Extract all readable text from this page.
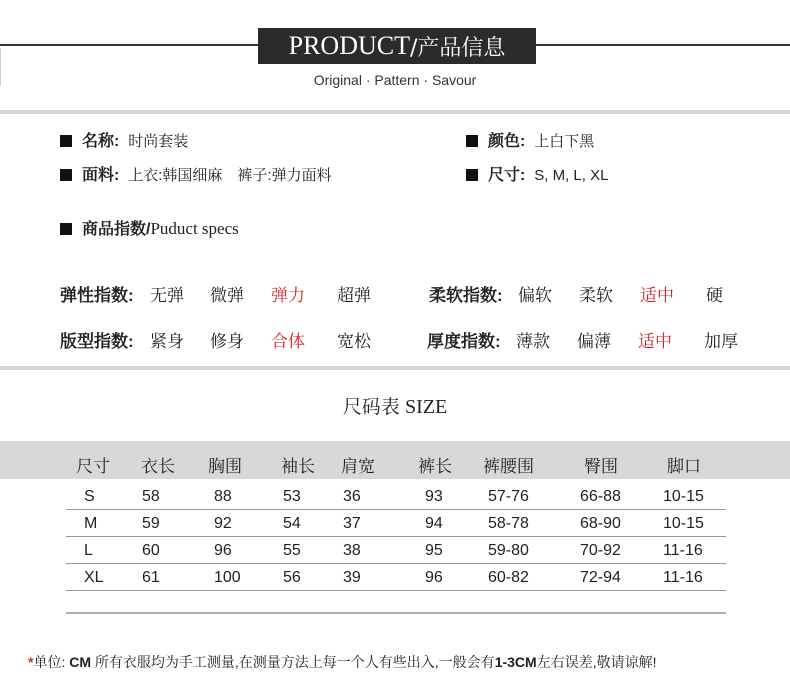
PRODUCT /产品信息
Original · Pattern · Savour
名称: 时尚套装	颜色: 上白下黑
面料: 上衣:韩国细麻　裤子:弹力面料	尺寸: S, M, L, XL
商品指数/Puduct specs
弹性指数: 无弹 微弹 弹力 超弹	柔软指数: 偏软 柔软 适中 硬
版型指数: 紧身 修身 合体 宽松	厚度指数: 薄款 偏薄 适中 加厚
尺码表 SIZE
尺寸 衣长 胸围 袖长 肩宽	裤长 裤腰围	臀围	脚口
S	58	88	53	36	93	57-76	66-88	10-15
M	59	92	54	37	94	58-78	68-90	10-15
L	60	96	55	38	95	59-80	70-92	11-16
XL 61	100	56	39	96	60-82	72-94	11-16
*单位: CM 所有衣服均为手工测量,在测量方法上每一个人有些出入,一般会有1-3CM左右误差,敬请谅解!
